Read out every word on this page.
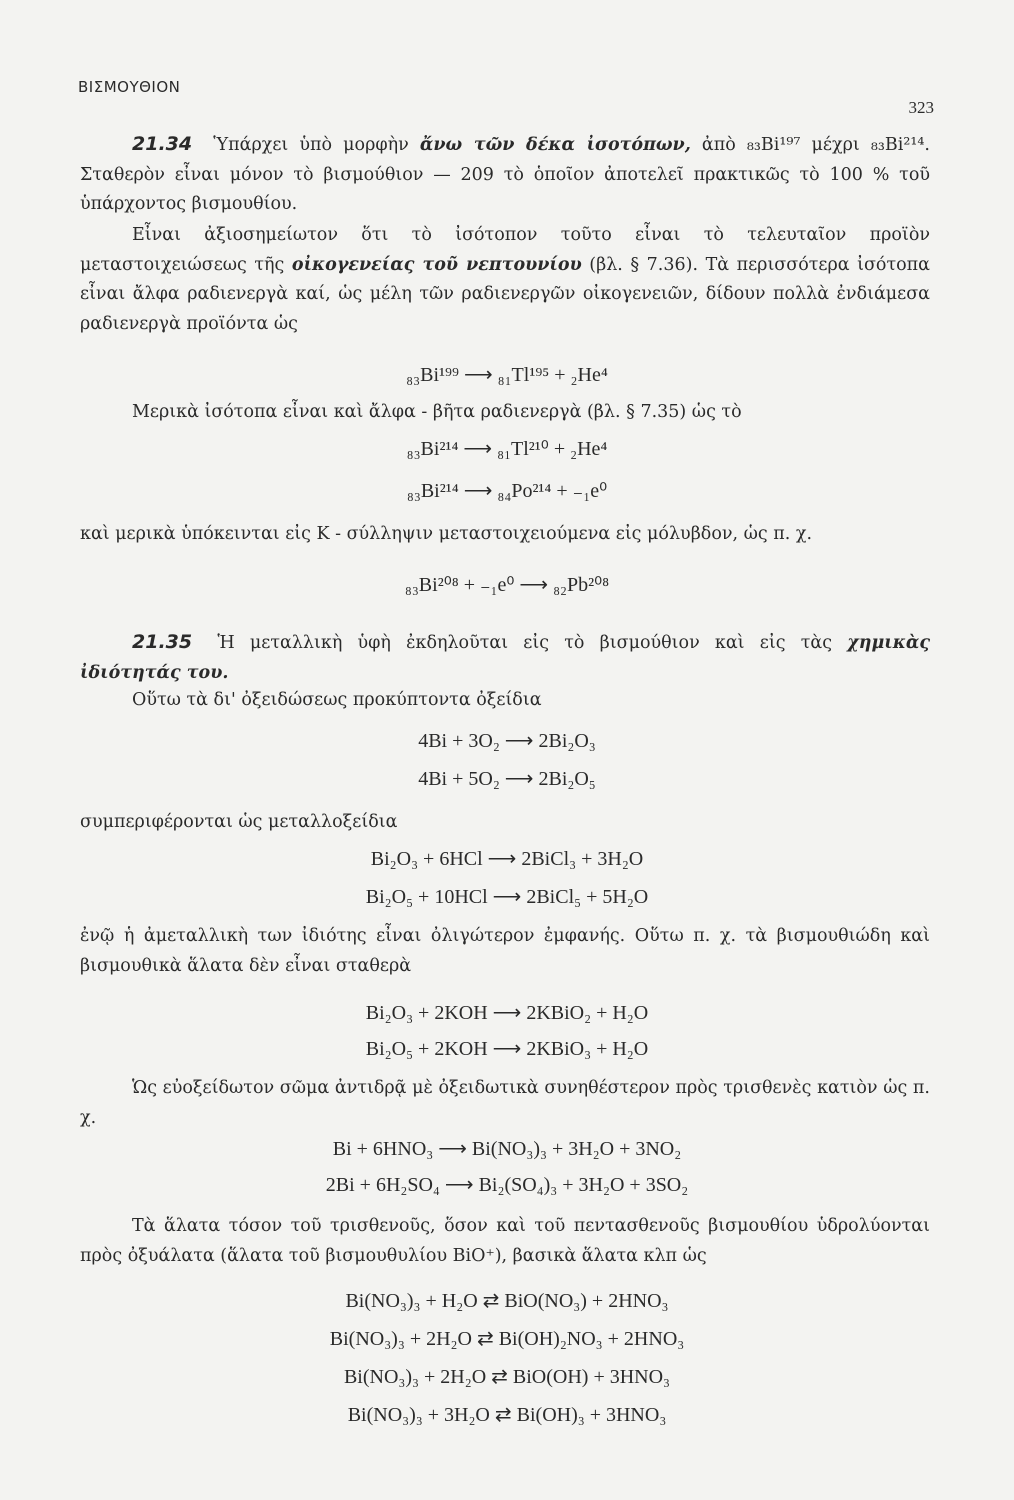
ΒΙΣΜΟΥΘΙΟΝ
323
21.34 Ὑπάρχει ὑπὸ μορφὴν ἄνω τῶν δέκα ἰσοτόπων, ἀπὸ ₈₃Bi¹⁹⁷ μέχρι ₈₃Bi²¹⁴. Σταθερὸν εἶναι μόνον τὸ βισμούθιον — 209 τὸ ὁποῖον ἀποτελεῖ πρακτικῶς τὸ 100 % τοῦ ὑπάρχοντος βισμουθίου.
Εἶναι ἀξιοσημείωτον ὅτι τὸ ἰσότοπον τοῦτο εἶναι τὸ τελευταῖον προϊὸν μεταστοιχειώσεως τῆς οἰκογενείας τοῦ νεπτουνίου (βλ. § 7.36). Τὰ περισσότερα ἰσότοπα εἶναι ἄλφα ραδιενεργὰ καί, ὡς μέλη τῶν ραδιενεργῶν οἰκογενειῶν, δίδουν πολλὰ ἐνδιάμεσα ραδιενεργὰ προϊόντα ὡς
₈₃Bi¹⁹⁹ ⟶ ₈₁Tl¹⁹⁵ + ₂He⁴
Μερικὰ ἰσότοπα εἶναι καὶ ἄλφα - βῆτα ραδιενεργὰ (βλ. § 7.35) ὡς τὸ
₈₃Bi²¹⁴ ⟶ ₈₁Tl²¹⁰ + ₂He⁴
₈₃Bi²¹⁴ ⟶ ₈₄Po²¹⁴ + ₋₁e⁰
καὶ μερικὰ ὑπόκεινται εἰς Κ - σύλληψιν μεταστοιχειούμενα εἰς μόλυβδον, ὡς π. χ.
₈₃Bi²⁰⁸ + ₋₁e⁰ ⟶ ₈₂Pb²⁰⁸
21.35 Ἡ μεταλλικὴ ὑφὴ ἐκδηλοῦται εἰς τὸ βισμούθιον καὶ εἰς τὰς χημικὰς ἰδιότητάς του.
Οὕτω τὰ δι' ὀξειδώσεως προκύπτοντα ὀξείδια
4Bi + 3O₂ ⟶ 2Bi₂O₃
4Bi + 5O₂ ⟶ 2Bi₂O₅
συμπεριφέρονται ὡς μεταλλοξείδια
Bi₂O₃ + 6HCl ⟶ 2BiCl₃ + 3H₂O
Bi₂O₅ + 10HCl ⟶ 2BiCl₅ + 5H₂O
ἐνῷ ἡ ἀμεταλλικὴ των ἰδιότης εἶναι ὀλιγώτερον ἐμφανής. Οὕτω π. χ. τὰ βισμουθιώδη καὶ βισμουθικὰ ἅλατα δὲν εἶναι σταθερὰ
Bi₂O₃ + 2KOH ⟶ 2KBiO₂ + H₂O
Bi₂O₅ + 2KOH ⟶ 2KBiO₃ + H₂O
Ὡς εὐοξείδωτον σῶμα ἀντιδρᾷ μὲ ὀξειδωτικὰ συνηθέστερον πρὸς τρισθενὲς κατιὸν ὡς π. χ.
Bi + 6HNO₃ ⟶ Bi(NO₃)₃ + 3H₂O + 3NO₂
2Bi + 6H₂SO₄ ⟶ Bi₂(SO₄)₃ + 3H₂O + 3SO₂
Τὰ ἅλατα τόσον τοῦ τρισθενοῦς, ὅσον καὶ τοῦ πεντασθενοῦς βισμουθίου ὑδρολύονται πρὸς ὀξυάλατα (ἅλατα τοῦ βισμουθυλίου BiO⁺), βασικὰ ἅλατα κλπ ὡς
Bi(NO₃)₃ + H₂O ⇄ BiO(NO₃) + 2HNO₃
Bi(NO₃)₃ + 2H₂O ⇄ Bi(OH)₂NO₃ + 2HNO₃
Bi(NO₃)₃ + 2H₂O ⇄ BiO(OH) + 3HNO₃
Bi(NO₃)₃ + 3H₂O ⇄ Bi(OH)₃ + 3HNO₃
